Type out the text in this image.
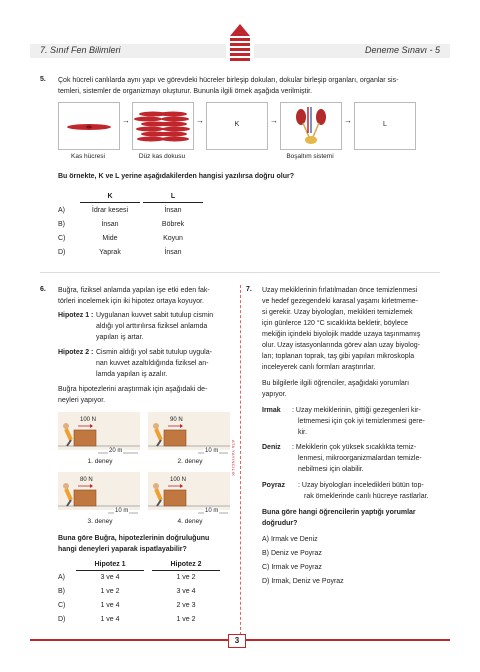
7. Sınıf Fen Bilimleri	Deneme Sınavı - 5
5. Çok hücreli canlılarda aynı yapı ve görevdeki hücreler birleşip dokuları, dokular birleşip organları, organlar sis-
temleri, sistemler de organizmayı oluşturur. Bununla ilgili örnek aşağıda verilmiştir.
→	→	K	→	→	L
Kas hücresi	Düz kas dokusu	Boşaltım sistemi
Bu örnekte, K ve L yerine aşağıdakilerden hangisi yazılırsa doğru olur?
K	L
A)	İdrar kesesi	İnsan
B)	İnsan	Böbrek
C)	Mide	Koyun
D)	Yaprak	İnsan
ATA YAYINCILIK
6. Buğra, fiziksel anlamda yapılan işe etki eden fak-
törleri incelemek için iki hipotez ortaya koyuyor.
Hipotez 1 : Uygulanan kuvvet sabit tutulup cismin
aldığı yol arttırılırsa fiziksel anlamda
yapılan iş artar.
Hipotez 2 : Cismin aldığı yol sabit tutulup uygula-
nan kuvvet azaltıldığında fiziksel an-
lamda yapılan iş azalır.
Buğra hipotezlerini araştırmak için aşağıdaki de-
neyleri yapıyor.
100 N
20 m
1. deney
90 N
10 m
2. deney
80 N
10 m
3. deney
100 N
10 m
4. deney
Buna göre Buğra, hipotezlerinin doğruluğunu
hangi deneyleri yaparak ispatlayabilir?
Hipotez 1	Hipotez 2
A)	3 ve 4	1 ve 2
B)	1 ve 2	3 ve 4
C)	1 ve 4	2 ve 3
D)	1 ve 4	1 ve 2
7. Uzay mekiklerinin fırlatılmadan önce temizlenmesi
ve hedef gezegendeki karasal yaşamı kirletmeme-
si gerekir. Uzay biyologları, mekikleri temizlemek
için günlerce 120 °C sıcaklıkta bekletir, böylece
mekiğin içindeki biyolojik madde uzaya taşınmamış
olur. Uzay istasyonlarında görev alan uzay biyolog-
ları; toplanan toprak, taş gibi yapıları mikroskopla
inceleyerek canlı formları araştırırlar.
Bu bilgilerle ilgili öğrenciler, aşağıdaki yorumları
yapıyor.
Irmak : Uzay mekiklerinin, gittiği gezegenleri kir-
letmemesi için çok iyi temizlenmesi gere-
kir.
Deniz : Mekiklerin çok yüksek sıcaklıkta temiz-
lenmesi, mikroorganizmalardan temizle-
nebilmesi için olabilir.
Poyraz : Uzay biyologları inceledikleri bütün top-
rak örneklerinde canlı hücreye rastlarlar.
Buna göre hangi öğrencilerin yaptığı yorumlar
doğrudur?
A) Irmak ve Deniz
B) Deniz ve Poyraz
C) Irmak ve Poyraz
D) Irmak, Deniz ve Poyraz
3
